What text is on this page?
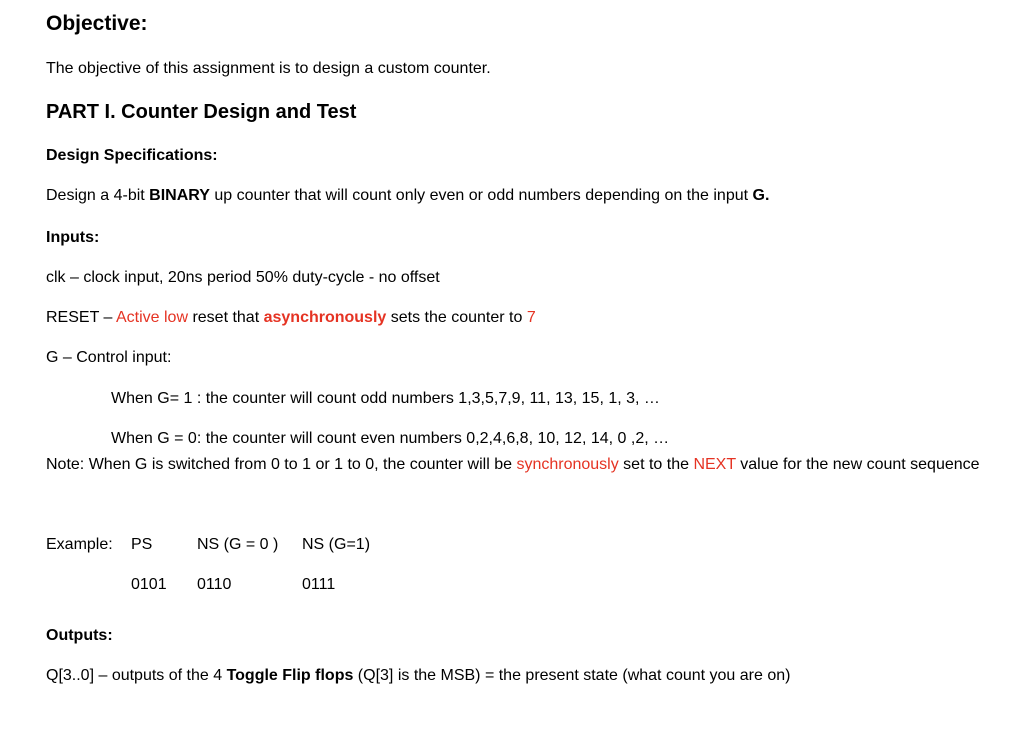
Objective:
The objective of this assignment is to design a custom counter.
PART I. Counter Design and Test
Design Specifications:
Design a 4-bit BINARY up counter that will count only even or odd numbers depending on the input G.
Inputs:
clk – clock input, 20ns period 50% duty-cycle - no offset
RESET – Active low reset that asynchronously sets the counter to 7
G – Control input:
When G= 1 : the counter will count odd numbers 1,3,5,7,9, 11, 13, 15, 1, 3, …
When G = 0: the counter will count even numbers 0,2,4,6,8, 10, 12, 14, 0 ,2, …
Note: When G is switched from 0 to 1 or 1 to 0, the counter will be synchronously set to the NEXT value for the new count sequence
Example: PS	NS (G = 0 ) NS (G=1)
0101 0110	0111
Outputs:
Q[3..0] – outputs of the 4 Toggle Flip flops (Q[3] is the MSB) = the present state (what count you are on)
